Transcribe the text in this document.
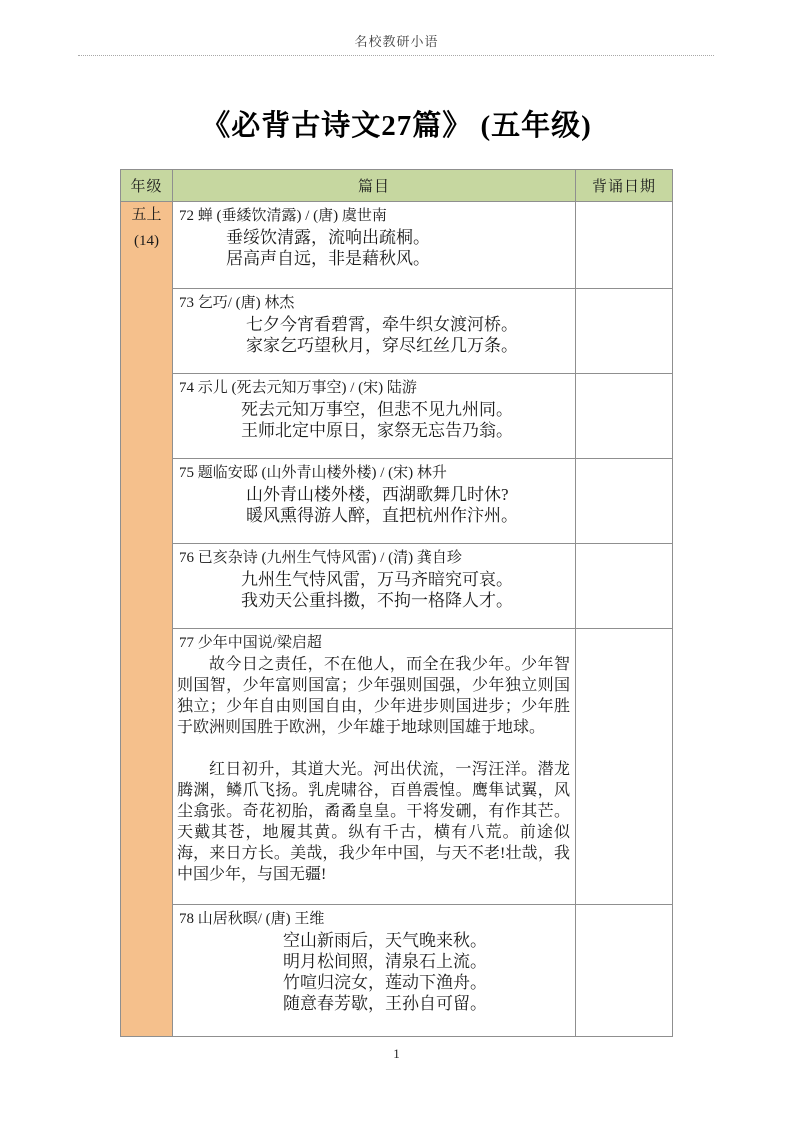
名校教研小语
《必背古诗文27篇》 (五年级)
年级	篇目	背诵日期

五上
(14)

72 蝉 (垂緌饮清露) / (唐) 虞世南
垂绥饮清露，流响出疏桐。
居高声自远，非是藉秋风。

	73 乞巧/ (唐) 林杰
七夕今宵看碧霄，牵牛织女渡河桥。
家家乞巧望秋月，穿尽红丝几万条。	

	74 示儿 (死去元知万事空) / (宋) 陆游
死去元知万事空，但悲不见九州同。
王师北定中原日，家祭无忘告乃翁。	

	75 题临安邸 (山外青山楼外楼) / (宋) 林升
山外青山楼外楼，西湖歌舞几时休?
暖风熏得游人醉，直把杭州作汴州。	

	76 已亥杂诗 (九州生气恃风雷) / (清) 龚自珍
九州生气恃风雷，万马齐暗究可哀。
我劝天公重抖擞，不拘一格降人才。	

	77 少年中国说/梁启超

故今日之责任，不在他人，而全在我少年。少年智则国智，少年富则国富；少年强则国强，少年独立则国独立；少年自由则国自由，少年进步则国进步；少年胜于欧洲则国胜于欧洲，少年雄于地球则国雄于地球。

红日初升，其道大光。河出伏流，一泻汪洋。潜龙腾渊，鳞爪飞扬。乳虎啸谷，百兽震惶。鹰隼试翼，风尘翕张。奇花初胎，矞矞皇皇。干将发硎，有作其芒。天戴其苍，地履其黄。纵有千古，横有八荒。前途似海，来日方长。美哉，我少年中国，与天不老!壮哉，我中国少年，与国无疆!	

	78 山居秋暝/ (唐) 王维
空山新雨后，天气晚来秋。
明月松间照，清泉石上流。
竹喧归浣女，莲动下渔舟。
随意春芳歇，王孙自可留。	

1
